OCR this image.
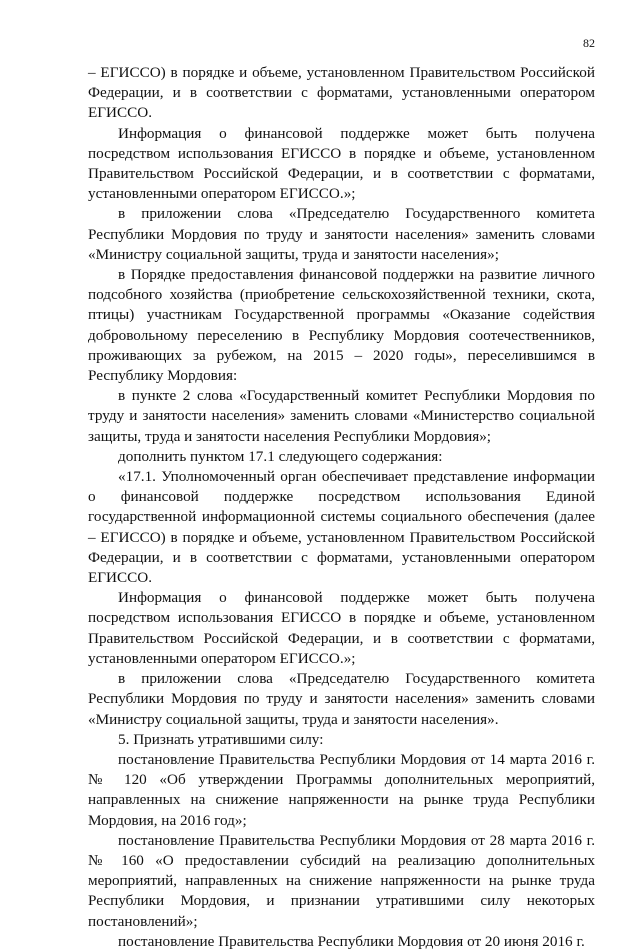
82

– ЕГИССО) в порядке и объеме, установленном Правительством Российской Федерации, и в соответствии с форматами, установленными оператором ЕГИССО.

Информация о финансовой поддержке может быть получена посредством использования ЕГИССО в порядке и объеме, установленном Правительством Российской Федерации, и в соответствии с форматами, установленными оператором ЕГИССО.»;

в приложении слова «Председателю Государственного комитета Республики Мордовия по труду и занятости населения» заменить словами «Министру социальной защиты, труда и занятости населения»;

в Порядке предоставления финансовой поддержки на развитие личного подсобного хозяйства (приобретение сельскохозяйственной техники, скота, птицы) участникам Государственной программы «Оказание содействия добровольному переселению в Республику Мордовия соотечественников, проживающих за рубежом, на 2015 – 2020 годы», переселившимся в Республику Мордовия:

в пункте 2 слова «Государственный комитет Республики Мордовия по труду и занятости населения» заменить словами «Министерство социальной защиты, труда и занятости населения Республики Мордовия»;

дополнить пунктом 17.1 следующего содержания:

«17.1. Уполномоченный орган обеспечивает представление информации о финансовой поддержке посредством использования Единой государственной информационной системы социального обеспечения (далее – ЕГИССО) в порядке и объеме, установленном Правительством Российской Федерации, и в соответствии с форматами, установленными оператором ЕГИССО.

Информация о финансовой поддержке может быть получена посредством использования ЕГИССО в порядке и объеме, установленном Правительством Российской Федерации, и в соответствии с форматами, установленными оператором ЕГИССО.»;

в приложении слова «Председателю Государственного комитета Республики Мордовия по труду и занятости населения» заменить словами «Министру социальной защиты, труда и занятости населения».

5. Признать утратившими силу:

постановление Правительства Республики Мордовия от 14 марта 2016 г. № 120 «Об утверждении Программы дополнительных мероприятий, направленных на снижение напряженности на рынке труда Республики Мордовия, на 2016 год»;

постановление Правительства Республики Мордовия от 28 марта 2016 г. № 160 «О предоставлении субсидий на реализацию дополнительных мероприятий, направленных на снижение напряженности на рынке труда Республики Мордовия, и признании утратившими силу некоторых постановлений»;

постановление Правительства Республики Мордовия от 20 июня 2016 г.
